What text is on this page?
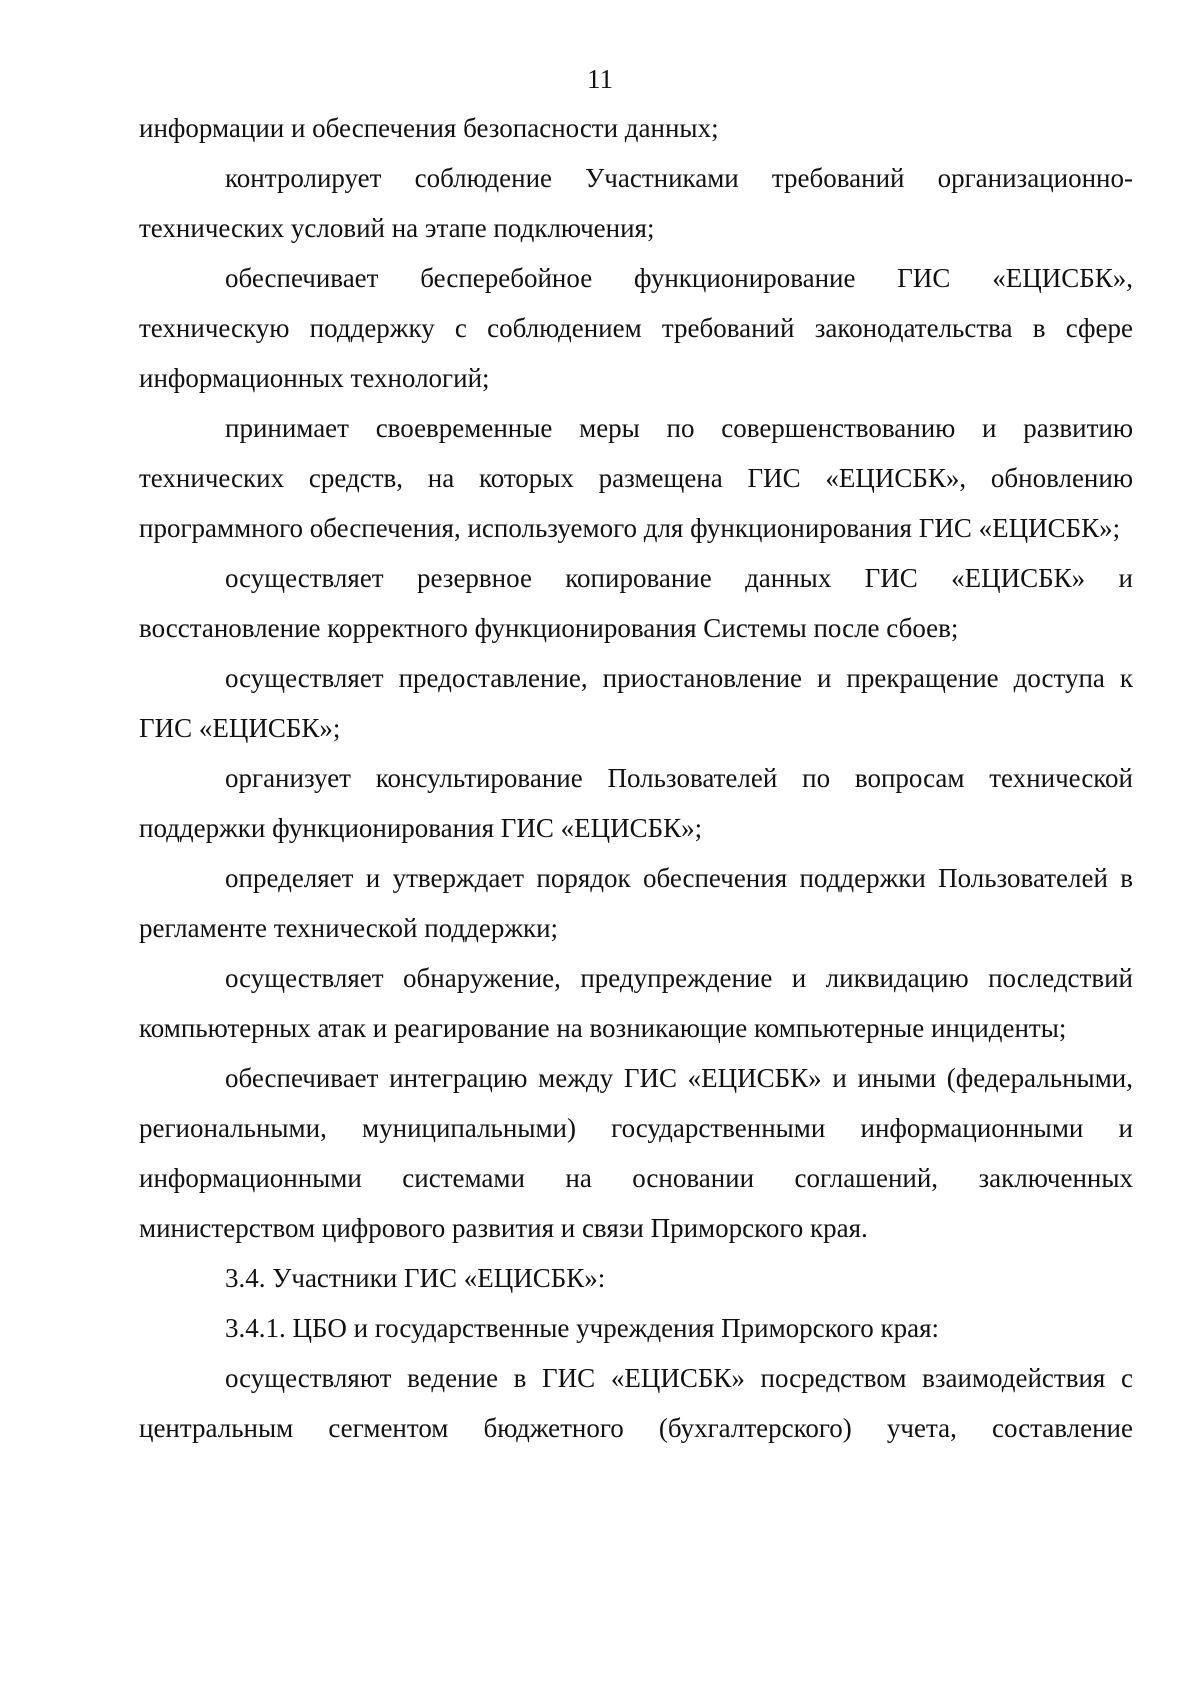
11

информации и обеспечения безопасности данных;

контролирует соблюдение Участниками требований организационно-технических условий на этапе подключения;

обеспечивает бесперебойное функционирование ГИС «ЕЦИСБК», техническую поддержку с соблюдением требований законодательства в сфере информационных технологий;

принимает своевременные меры по совершенствованию и развитию технических средств, на которых размещена ГИС «ЕЦИСБК», обновлению программного обеспечения, используемого для функционирования ГИС «ЕЦИСБК»;

осуществляет резервное копирование данных ГИС «ЕЦИСБК» и восстановление корректного функционирования Системы после сбоев;

осуществляет предоставление, приостановление и прекращение доступа к ГИС «ЕЦИСБК»;

организует консультирование Пользователей по вопросам технической поддержки функционирования ГИС «ЕЦИСБК»;

определяет и утверждает порядок обеспечения поддержки Пользователей в регламенте технической поддержки;

осуществляет обнаружение, предупреждение и ликвидацию последствий компьютерных атак и реагирование на возникающие компьютерные инциденты;

обеспечивает интеграцию между ГИС «ЕЦИСБК» и иными (федеральными, региональными, муниципальными) государственными информационными и информационными системами на основании соглашений, заключенных министерством цифрового развития и связи Приморского края.

3.4. Участники ГИС «ЕЦИСБК»:

3.4.1. ЦБО и государственные учреждения Приморского края:

осуществляют ведение в ГИС «ЕЦИСБК» посредством взаимодействия с центральным сегментом бюджетного (бухгалтерского) учета, составление
